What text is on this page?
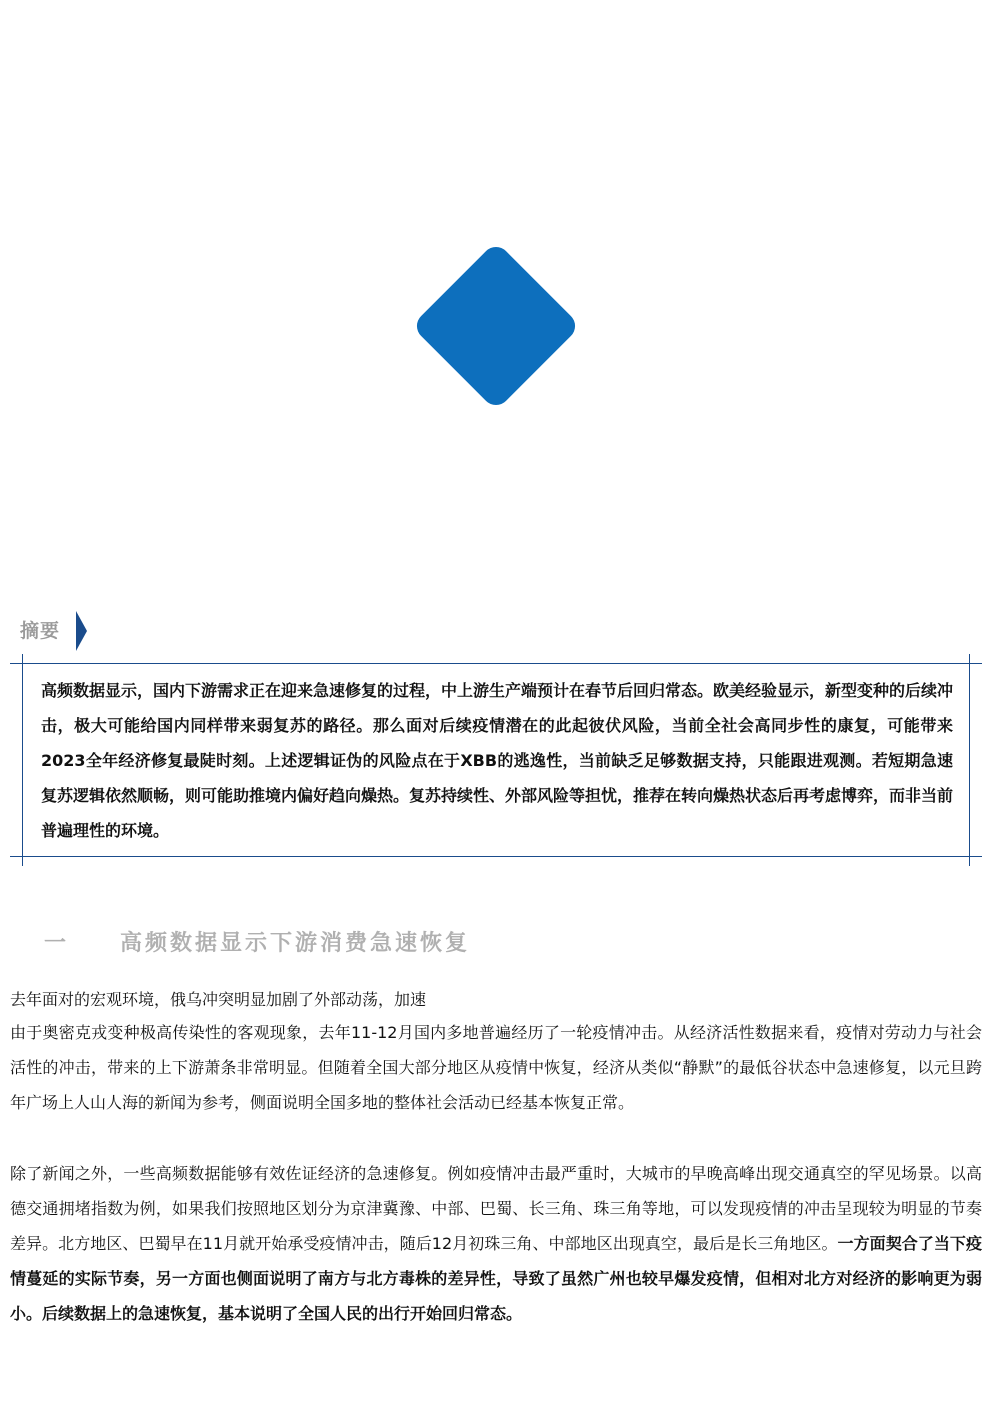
摘要

高频数据显示，国内下游需求正在迎来急速修复的过程，中上游生产端预计在春节后回归常态。欧美经验显示，新型变种的后续冲击，极大可能给国内同样带来弱复苏的路径。那么面对后续疫情潜在的此起彼伏风险，当前全社会高同步性的康复，可能带来2023全年经济修复最陡时刻。上述逻辑证伪的风险点在于XBB的逃逸性，当前缺乏足够数据支持，只能跟进观测。若短期急速复苏逻辑依然顺畅，则可能助推境内偏好趋向燥热。复苏持续性、外部风险等担忧，推荐在转向燥热状态后再考虑博弈，而非当前普遍理性的环境。

一 高频数据显示下游消费急速恢复

去年面对的宏观环境，俄乌冲突明显加剧了外部动荡，加速

由于奥密克戎变种极高传染性的客观现象，去年11-12月国内多地普遍经历了一轮疫情冲击。从经济活性数据来看，疫情对劳动力与社会活性的冲击，带来的上下游萧条非常明显。但随着全国大部分地区从疫情中恢复，经济从类似“静默”的最低谷状态中急速修复，以元旦跨年广场上人山人海的新闻为参考，侧面说明全国多地的整体社会活动已经基本恢复正常。

除了新闻之外，一些高频数据能够有效佐证经济的急速修复。例如疫情冲击最严重时，大城市的早晚高峰出现交通真空的罕见场景。以高德交通拥堵指数为例，如果我们按照地区划分为京津冀豫、中部、巴蜀、长三角、珠三角等地，可以发现疫情的冲击呈现较为明显的节奏差异。北方地区、巴蜀早在11月就开始承受疫情冲击，随后12月初珠三角、中部地区出现真空，最后是长三角地区。一方面契合了当下疫情蔓延的实际节奏，另一方面也侧面说明了南方与北方毒株的差异性，导致了虽然广州也较早爆发疫情，但相对北方对经济的影响更为弱小。后续数据上的急速恢复，基本说明了全国人民的出行开始回归常态。
